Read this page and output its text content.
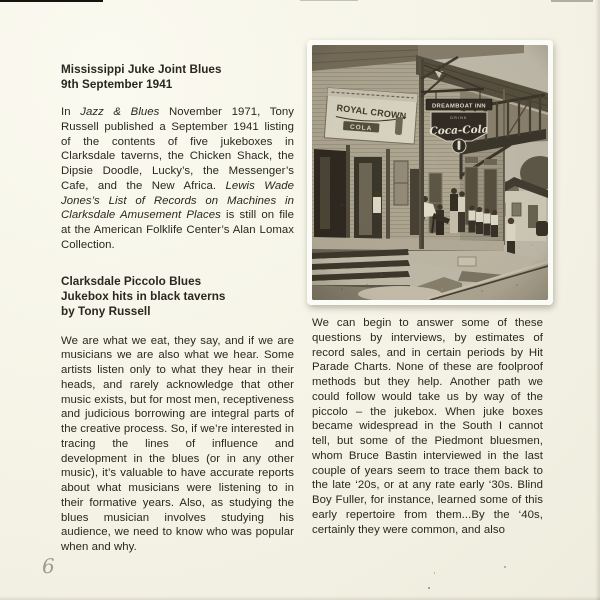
Mississippi Juke Joint Blues
9th September 1941

In Jazz & Blues November 1971, Tony Russell published a September 1941 listing of the contents of five jukeboxes in Clarksdale taverns, the Chicken Shack, the Dipsie Doodle, Lucky’s, the Messenger’s Cafe, and the New Africa. Lewis Wade Jones’s List of Records on Machines in Clarksdale Amusement Places is still on file at the American Folklife Center’s Alan Lomax Collection.

Clarksdale Piccolo Blues
Jukebox hits in black taverns
by Tony Russell

We are what we eat, they say, and if we are musicians we are also what we hear. Some artists listen only to what they hear in their heads, and rarely acknowledge that other music exists, but for most men, receptiveness and judicious borrowing are integral parts of the creative process. So, if we’re interested in tracing the lines of influence and development in the blues (or in any other music), it’s valuable to have accurate reports about what musicians were listening to in their formative years. Also, as studying the blues musician involves studying his audience, we need to know who was popular when and why.

We can begin to answer some of these questions by interviews, by estimates of record sales, and in certain periods by Hit Parade Charts. None of these are foolproof methods but they help. Another path we could follow would take us by way of the piccolo – the jukebox. When juke boxes became widespread in the South I cannot tell, but some of the Piedmont bluesmen, whom Bruce Bastin interviewed in the last couple of years seem to trace them back to the late ‘20s, or at any rate early ‘30s. Blind Boy Fuller, for instance, learned some of this early repertoire from them...By the ‘40s, certainly they were common, and also

6
